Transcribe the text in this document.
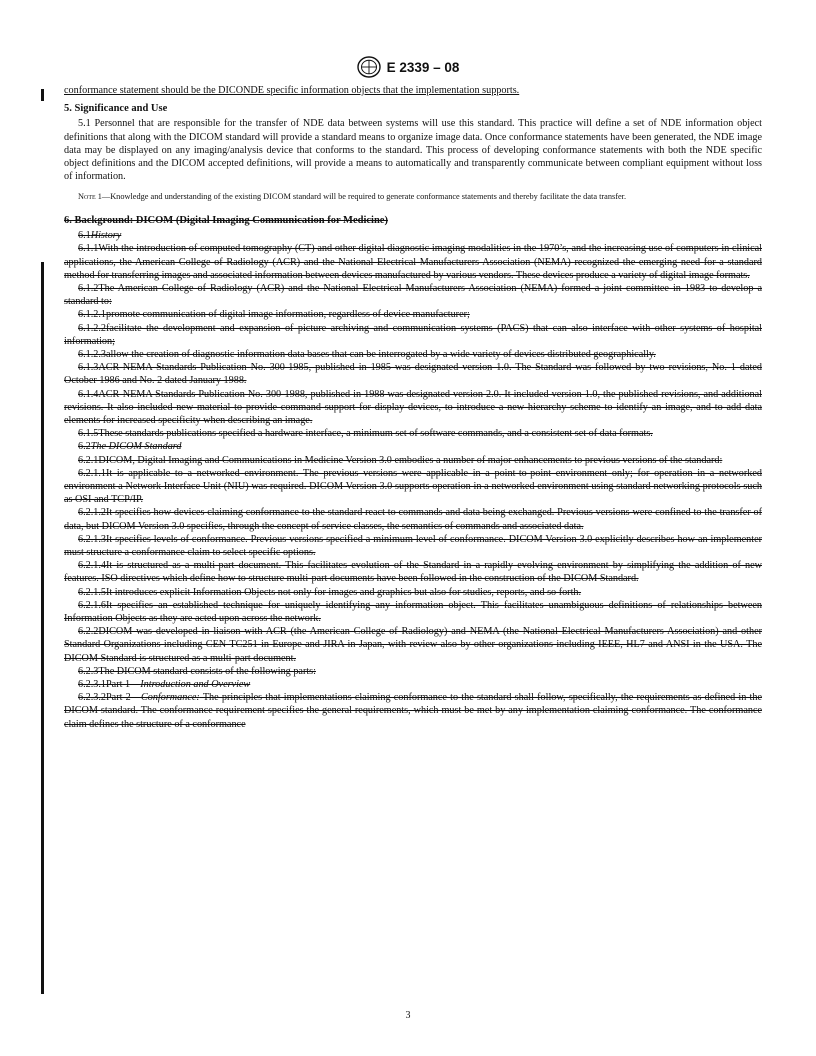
E 2339 – 08

conformance statement should be the DICONDE specific information objects that the implementation supports.

5. Significance and Use

5.1 Personnel that are responsible for the transfer of NDE data between systems will use this standard. This practice will define a set of NDE information object definitions that along with the DICOM standard will provide a standard means to organize image data. Once conformance statements have been generated, the NDE image data may be displayed on any imaging/analysis device that conforms to the standard. This process of developing conformance statements with both the NDE specific object definitions and the DICOM accepted definitions, will provide a means to automatically and transparently communicate between compliant equipment without loss of information.

Note 1—Knowledge and understanding of the existing DICOM standard will be required to generate conformance statements and thereby facilitate the data transfer.

6. Background: DICOM (Digital Imaging Communication for Medicine)

6.1History

6.1.1With the introduction of computed tomography (CT) and other digital diagnostic imaging modalities in the 1970’s, and the increasing use of computers in clinical applications, the American College of Radiology (ACR) and the National Electrical Manufacturers Association (NEMA) recognized the emerging need for a standard method for transferring images and associated information between devices manufactured by various vendors. These devices produce a variety of digital image formats.

6.1.2The American College of Radiology (ACR) and the National Electrical Manufacturers Association (NEMA) formed a joint committee in 1983 to develop a standard to:

6.1.2.1promote communication of digital image information, regardless of device manufacturer;

6.1.2.2facilitate the development and expansion of picture archiving and communication systems (PACS) that can also interface with other systems of hospital information;

6.1.2.3allow the creation of diagnostic information data bases that can be interrogated by a wide variety of devices distributed geographically.

6.1.3ACR-NEMA Standards Publication No. 300-1985, published in 1985 was designated version 1.0. The Standard was followed by two revisions, No. 1 dated October 1986 and No. 2 dated January 1988.

6.1.4ACR-NEMA Standards Publication No. 300-1988, published in 1988 was designated version 2.0. It included version 1.0, the published revisions, and additional revisions. It also included new material to provide command support for display devices, to introduce a new hierarchy scheme to identify an image, and to add data elements for increased specificity when describing an image.

6.1.5These standards publications specified a hardware interface, a minimum set of software commands, and a consistent set of data formats.

6.2The DICOM Standard

6.2.1DICOM, Digital Imaging and Communications in Medicine Version 3.0 embodies a number of major enhancements to previous versions of the standard:

6.2.1.1It is applicable to a networked environment. The previous versions were applicable in a point-to-point environment only; for operation in a networked environment a Network Interface Unit (NIU) was required. DICOM Version 3.0 supports operation in a networked environment using standard networking protocols such as OSI and TCP/IP.

6.2.1.2It specifies how devices claiming conformance to the standard react to commands and data being exchanged. Previous versions were confined to the transfer of data, but DICOM Version 3.0 specifies, through the concept of service classes, the semantics of commands and associated data.

6.2.1.3It specifies levels of conformance. Previous versions specified a minimum level of conformance. DICOM Version 3.0 explicitly describes how an implementer must structure a conformance claim to select specific options.

6.2.1.4It is structured as a multi-part document. This facilitates evolution of the Standard in a rapidly evolving environment by simplifying the addition of new features. ISO directives which define how to structure multi-part documents have been followed in the construction of the DICOM Standard.

6.2.1.5It introduces explicit Information Objects not only for images and graphics but also for studies, reports, and so forth.

6.2.1.6It specifies an established technique for uniquely identifying any information object. This facilitates unambiguous definitions of relationships between Information Objects as they are acted upon across the network.

6.2.2DICOM was developed in liaison with ACR (the American College of Radiology) and NEMA (the National Electrical Manufacturers Association) and other Standard Organizations including CEN TC251 in Europe and JIRA in Japan, with review also by other organizations including IEEE, HL7 and ANSI in the USA. The DICOM Standard is structured as a multi-part document.

6.2.3The DICOM standard consists of the following parts:

6.2.3.1Part 1—Introduction and Overview

6.2.3.2Part 2—Conformance: The principles that implementations claiming conformance to the standard shall follow, specifically, the requirements as defined in the DICOM standard. The conformance requirement specifies the general requirements, which must be met by any implementation claiming conformance. The conformance claim defines the structure of a conformance

3
